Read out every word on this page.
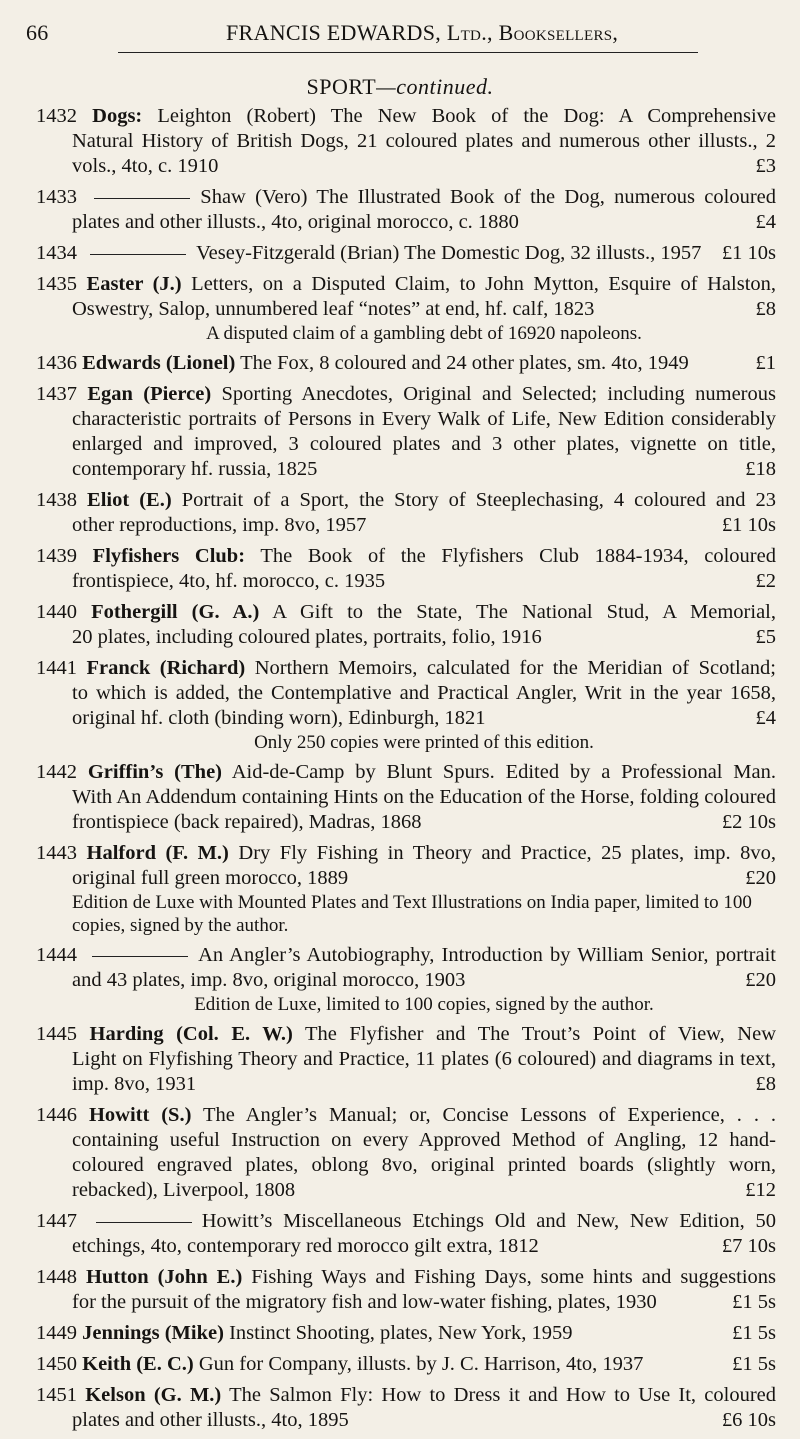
66	FRANCIS EDWARDS, Ltd., Booksellers,
SPORT—continued.
1432 Dogs: Leighton (Robert) The New Book of the Dog: A Comprehensive
Natural History of British Dogs, 21 coloured plates and numerous other illusts., 2 vols., 4to, c. 1910	£3
1433	Shaw (Vero) The Illustrated Book of the Dog, numerous coloured
plates and other illusts., 4to, original morocco, c. 1880	£4
1434	Vesey-Fitzgerald (Brian) The Domestic Dog, 32 illusts., 1957 £1 10s
1435 Easter (J.) Letters, on a Disputed Claim, to John Mytton, Esquire of Halston,
Oswestry, Salop, unnumbered leaf “notes” at end, hf. calf, 1823	£8
A disputed claim of a gambling debt of 16920 napoleons.
1436 Edwards (Lionel) The Fox, 8 coloured and 24 other plates, sm. 4to, 1949	£1
1437 Egan (Pierce) Sporting Anecdotes, Original and Selected; including numerous
characteristic portraits of Persons in Every Walk of Life, New Edition considerably enlarged and improved, 3 coloured plates and 3 other plates, vignette on title, contemporary hf. russia, 1825	£18
1438 Eliot (E.) Portrait of a Sport, the Story of Steeplechasing, 4 coloured and 23
other reproductions, imp. 8vo, 1957	£1 10s
1439 Flyfishers Club: The Book of the Flyfishers Club 1884-1934, coloured
frontispiece, 4to, hf. morocco, c. 1935	£2
1440 Fothergill (G. A.) A Gift to the State, The National Stud, A Memorial,
20 plates, including coloured plates, portraits, folio, 1916	£5
1441 Franck (Richard) Northern Memoirs, calculated for the Meridian of Scotland;
to which is added, the Contemplative and Practical Angler, Writ in the year 1658, original hf. cloth (binding worn), Edinburgh, 1821	£4
Only 250 copies were printed of this edition.
1442 Griffin’s (The) Aid-de-Camp by Blunt Spurs. Edited by a Professional Man.
With An Addendum containing Hints on the Education of the Horse, folding coloured frontispiece (back repaired), Madras, 1868	£2 10s
1443 Halford (F. M.) Dry Fly Fishing in Theory and Practice, 25 plates, imp. 8vo,
original full green morocco, 1889	£20
Edition de Luxe with Mounted Plates and Text Illustrations on India paper, limited to 100 copies, signed by the author.
1444	An Angler’s Autobiography, Introduction by William Senior, portrait
and 43 plates, imp. 8vo, original morocco, 1903	£20
Edition de Luxe, limited to 100 copies, signed by the author.
1445 Harding (Col. E. W.) The Flyfisher and The Trout’s Point of View, New
Light on Flyfishing Theory and Practice, 11 plates (6 coloured) and diagrams in text, imp. 8vo, 1931	£8
1446 Howitt (S.) The Angler’s Manual; or, Concise Lessons of Experience, . . .
containing useful Instruction on every Approved Method of Angling, 12 hand-coloured engraved plates, oblong 8vo, original printed boards (slightly worn, rebacked), Liverpool, 1808	£12
1447	Howitt’s Miscellaneous Etchings Old and New, New Edition, 50
etchings, 4to, contemporary red morocco gilt extra, 1812	£7 10s
1448 Hutton (John E.) Fishing Ways and Fishing Days, some hints and suggestions
for the pursuit of the migratory fish and low-water fishing, plates, 1930	£1 5s
1449 Jennings (Mike) Instinct Shooting, plates, New York, 1959	£1 5s
1450 Keith (E. C.) Gun for Company, illusts. by J. C. Harrison, 4to, 1937	£1 5s
1451 Kelson (G. M.) The Salmon Fly: How to Dress it and How to Use It, coloured
plates and other illusts., 4to, 1895	£6 10s
